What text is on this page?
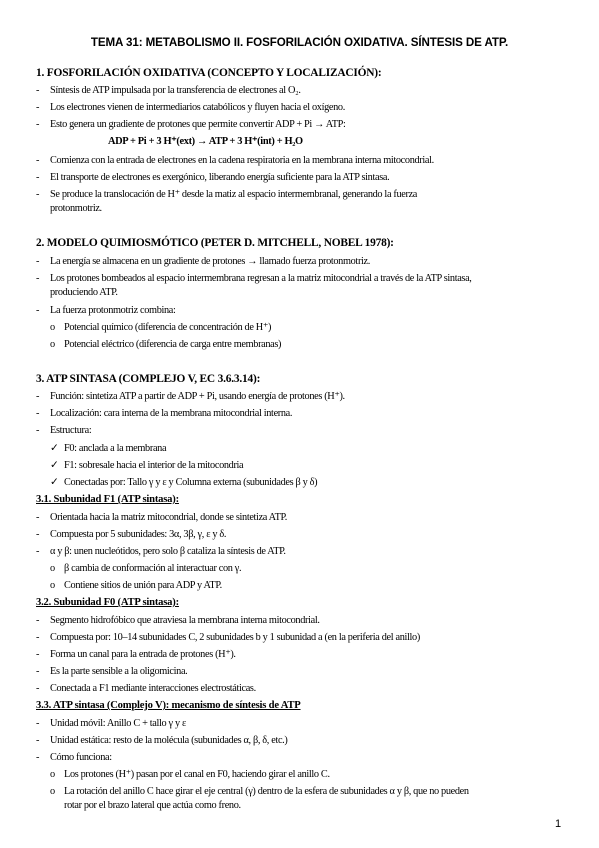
TEMA 31: METABOLISMO II. FOSFORILACIÓN OXIDATIVA. SÍNTESIS DE ATP.
1. FOSFORILACIÓN OXIDATIVA (CONCEPTO Y LOCALIZACIÓN):
- Síntesis de ATP impulsada por la transferencia de electrones al O₂.
- Los electrones vienen de intermediarios catabólicos y fluyen hacia el oxígeno.
- Esto genera un gradiente de protones que permite convertir ADP + Pi → ATP:
ADP + Pi + 3 H⁺(ext) → ATP + 3 H⁺(int) + H₂O
- Comienza con la entrada de electrones en la cadena respiratoria en la membrana interna mitocondrial.
- El transporte de electrones es exergónico, liberando energía suficiente para la ATP sintasa.
- Se produce la translocación de H⁺ desde la matiz al espacio intermembranal, generando la fuerza
protonmotriz.
2. MODELO QUIMIOSMÓTICO (PETER D. MITCHELL, NOBEL 1978):
- La energía se almacena en un gradiente de protones → llamado fuerza protonmotriz.
- Los protones bombeados al espacio intermembrana regresan a la matriz mitocondrial a través de la ATP sintasa,
produciendo ATP.
- La fuerza protonmotriz combina:
o Potencial químico (diferencia de concentración de H⁺)
o Potencial eléctrico (diferencia de carga entre membranas)
3. ATP SINTASA (COMPLEJO V, EC 3.6.3.14):
- Función: sintetiza ATP a partir de ADP + Pi, usando energía de protones (H⁺).
- Localización: cara interna de la membrana mitocondrial interna.
- Estructura:
✓ F0: anclada a la membrana
✓ F1: sobresale hacia el interior de la mitocondria
✓ Conectadas por: Tallo γ y ε y Columna externa (subunidades β y δ)
3.1. Subunidad F1 (ATP sintasa):
- Orientada hacia la matriz mitocondrial, donde se sintetiza ATP.
- Compuesta por 5 subunidades: 3α, 3β, γ, ε y δ.
- α y β: unen nucleótidos, pero solo β cataliza la síntesis de ATP.
o β cambia de conformación al interactuar con γ.
o Contiene sitios de unión para ADP y ATP.
3.2. Subunidad F0 (ATP sintasa):
- Segmento hidrofóbico que atraviesa la membrana interna mitocondrial.
- Compuesta por: 10–14 subunidades C, 2 subunidades b y 1 subunidad a (en la periferia del anillo)
- Forma un canal para la entrada de protones (H⁺).
- Es la parte sensible a la oligomicina.
- Conectada a F1 mediante interacciones electrostáticas.
3.3. ATP sintasa (Complejo V): mecanismo de síntesis de ATP
- Unidad móvil: Anillo C + tallo γ y ε
- Unidad estática: resto de la molécula (subunidades α, β, δ, etc.)
- Cómo funciona:
o Los protones (H⁺) pasan por el canal en F0, haciendo girar el anillo C.
o La rotación del anillo C hace girar el eje central (γ) dentro de la esfera de subunidades α y β, que no pueden
rotar por el brazo lateral que actúa como freno.
1
